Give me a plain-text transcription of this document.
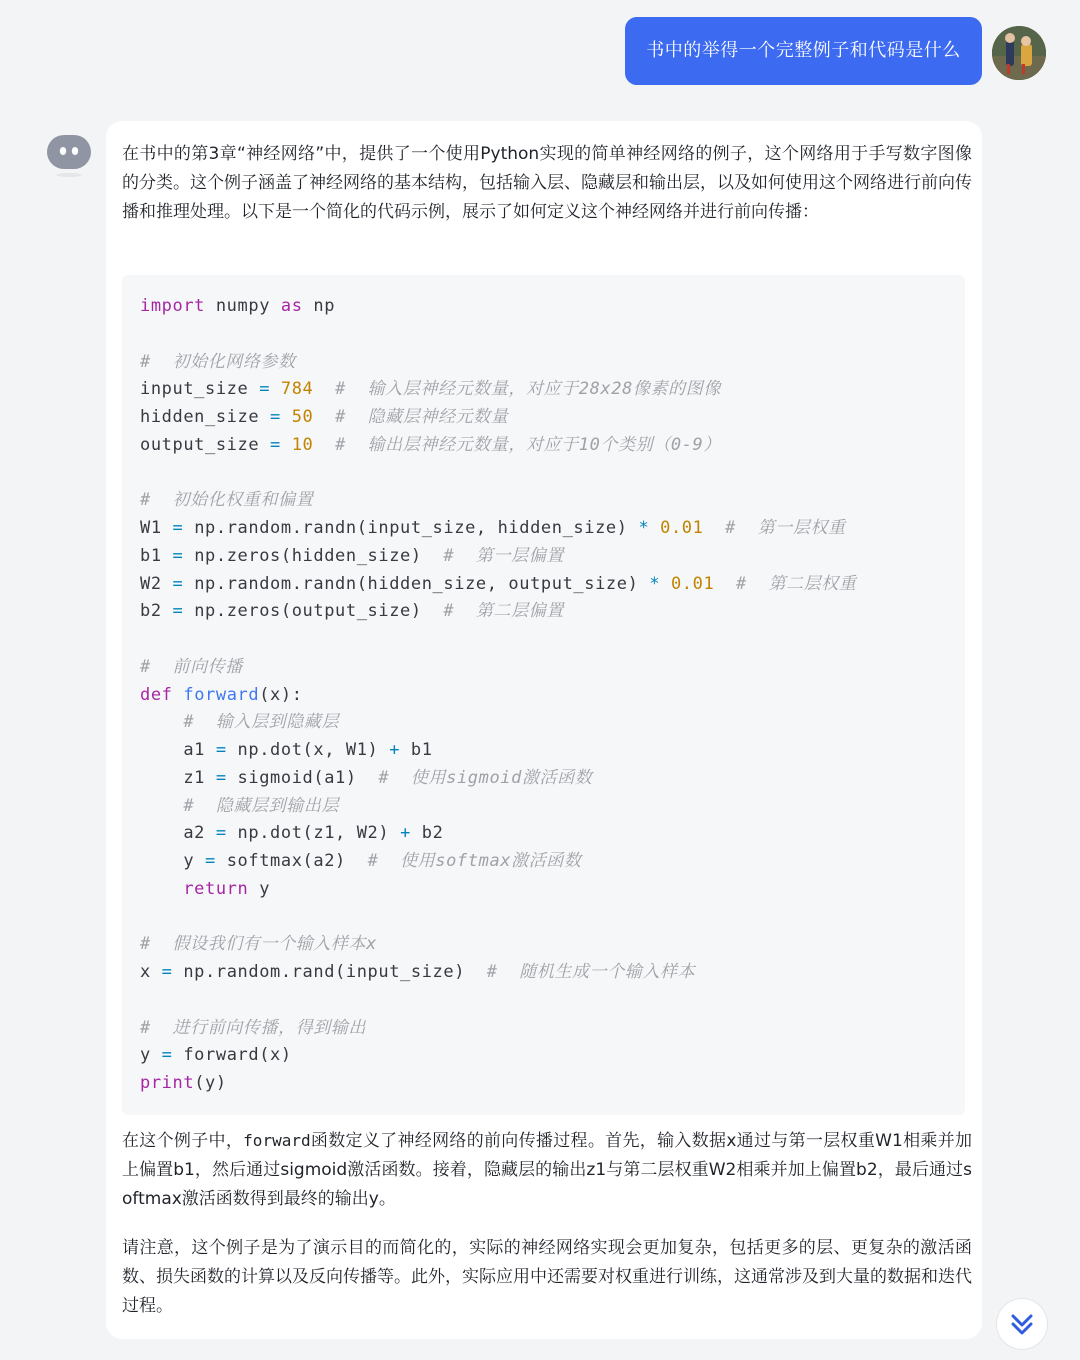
书中的举得一个完整例子和代码是什么

在书中的第3章“神经网络”中，提供了一个使用Python实现的简单神经网络的例子，这个网络用于手写数字图像的分类。这个例子涵盖了神经网络的基本结构，包括输入层、隐藏层和输出层，以及如何使用这个网络进行前向传播和推理处理。以下是一个简化的代码示例，展示了如何定义这个神经网络并进行前向传播：

import numpy as np
#  初始化网络参数
input_size = 784 #  输入层神经元数量，对应于28x28像素的图像
hidden_size = 50 #  隐藏层神经元数量
output_size = 10 #  输出层神经元数量，对应于10个类别（0-9）
#  初始化权重和偏置
W1 = np.random.randn(input_size, hidden_size) * 0.01 #  第一层权重
b1 = np.zeros(hidden_size)  #  第一层偏置
W2 = np.random.randn(hidden_size, output_size) * 0.01 #  第二层权重
b2 = np.zeros(output_size)  #  第二层偏置
#  前向传播
def forward(x):
#  输入层到隐藏层
a1 = np.dot(x, W1) + b1
z1 = sigmoid(a1)  #  使用sigmoid激活函数
#  隐藏层到输出层
a2 = np.dot(z1, W2) + b2
y = softmax(a2)  #  使用softmax激活函数
return y
#  假设我们有一个输入样本x
x = np.random.rand(input_size)  #  随机生成一个输入样本
#  进行前向传播，得到输出
y = forward(x)
print(y)

在这个例子中，forward函数定义了神经网络的前向传播过程。首先，输入数据x通过与第一层权重W1相乘并加上偏置b1，然后通过sigmoid激活函数。接着，隐藏层的输出z1与第二层权重W2相乘并加上偏置b2，最后通过softmax激活函数得到最终的输出y。

请注意，这个例子是为了演示目的而简化的，实际的神经网络实现会更加复杂，包括更多的层、更复杂的激活函数、损失函数的计算以及反向传播等。此外，实际应用中还需要对权重进行训练，这通常涉及到大量的数据和迭代过程。
